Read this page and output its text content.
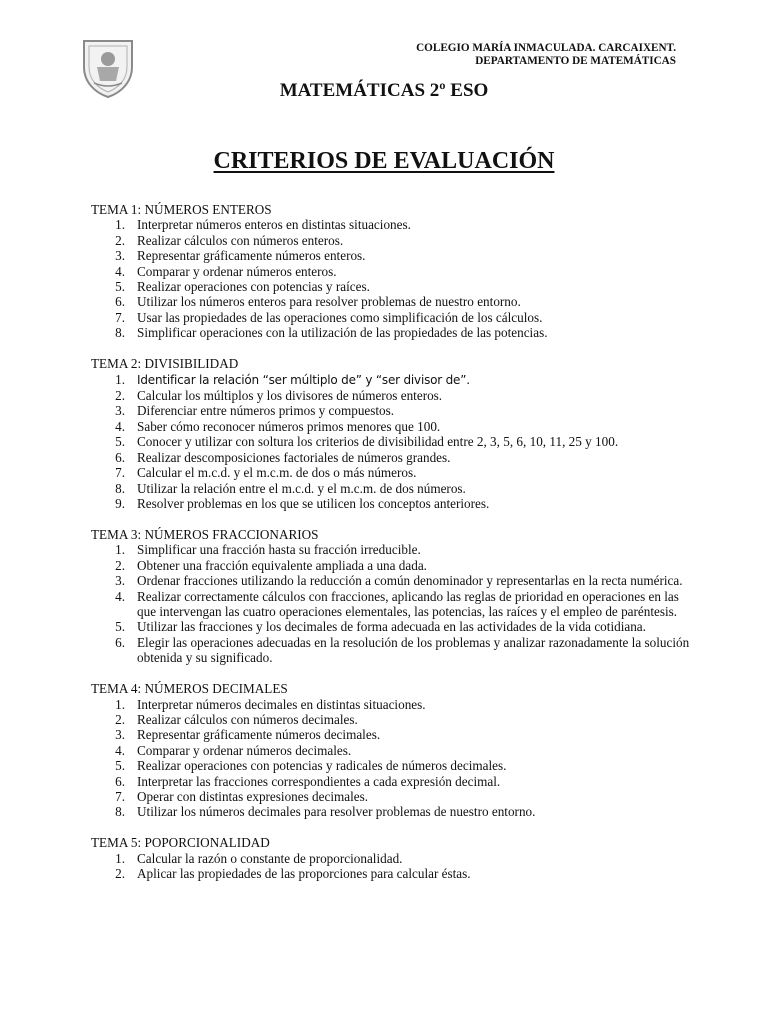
COLEGIO MARÍA INMACULADA. CARCAIXENT.
DEPARTAMENTO DE MATEMÁTICAS
MATEMÁTICAS 2º ESO
CRITERIOS DE EVALUACIÓN

TEMA 1: NÚMEROS ENTEROS

1. Interpretar números enteros en distintas situaciones.
2. Realizar cálculos con números enteros.
3. Representar gráficamente números enteros.
4. Comparar y ordenar números enteros.
5. Realizar operaciones con potencias y raíces.
6. Utilizar los números enteros para resolver problemas de nuestro entorno.
7. Usar las propiedades de las operaciones como simplificación de los cálculos.
8. Simplificar operaciones con la utilización de las propiedades de las potencias.

TEMA 2: DIVISIBILIDAD

1. Identificar la relación “ser múltiplo de” y “ser divisor de”.
2. Calcular los múltiplos y los divisores de números enteros.
3. Diferenciar entre números primos y compuestos.
4. Saber cómo reconocer números primos menores que 100.
5. Conocer y utilizar con soltura los criterios de divisibilidad entre 2, 3, 5, 6, 10, 11, 25 y 100.
6. Realizar descomposiciones factoriales de números grandes.
7. Calcular el m.c.d. y el m.c.m. de dos o más números.
8. Utilizar la relación entre el m.c.d. y el m.c.m. de dos números.
9. Resolver problemas en los que se utilicen los conceptos anteriores.

TEMA 3: NÚMEROS FRACCIONARIOS

1. Simplificar una fracción hasta su fracción irreducible.
2. Obtener una fracción equivalente ampliada a una dada.
3. Ordenar fracciones utilizando la reducción a común denominador y representarlas en la recta numérica.
4. Realizar correctamente cálculos con fracciones, aplicando las reglas de prioridad en operaciones en las que intervengan las cuatro operaciones elementales, las potencias, las raíces y el empleo de paréntesis.
5. Utilizar las fracciones y los decimales de forma adecuada en las actividades de la vida cotidiana.
6. Elegir las operaciones adecuadas en la resolución de los problemas y analizar razonadamente la solución obtenida y su significado.

TEMA 4: NÚMEROS DECIMALES

1. Interpretar números decimales en distintas situaciones.
2. Realizar cálculos con números decimales.
3. Representar gráficamente números decimales.
4. Comparar y ordenar números decimales.
5. Realizar operaciones con potencias y radicales de números decimales.
6. Interpretar las fracciones correspondientes a cada expresión decimal.
7. Operar con distintas expresiones decimales.
8. Utilizar los números decimales para resolver problemas de nuestro entorno.

TEMA 5: POPORCIONALIDAD

1. Calcular la razón o constante de proporcionalidad.
2. Aplicar las propiedades de las proporciones para calcular éstas.
